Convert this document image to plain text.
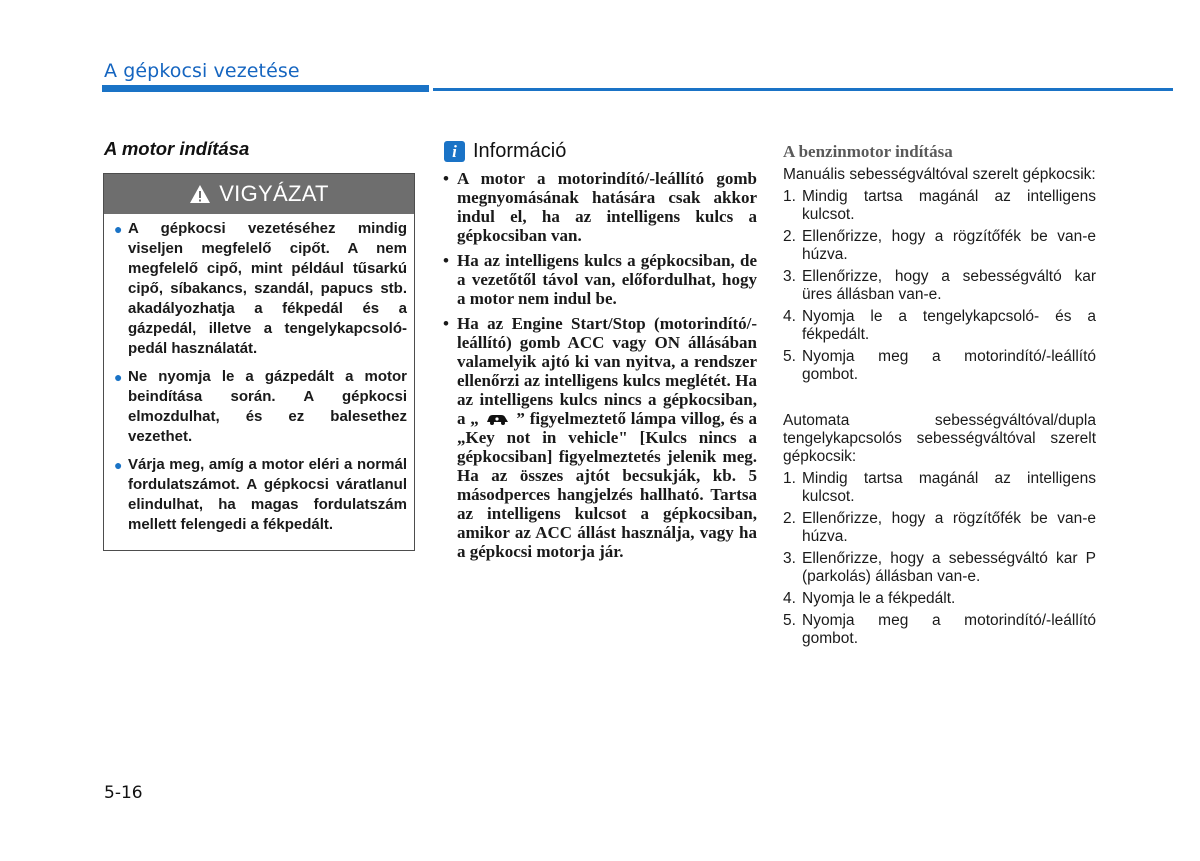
A gépkocsi vezetése
A motor indítása
VIGYÁZAT
● A gépkocsi vezetéséhez mindig viseljen megfelelő cipőt. A nem megfelelő cipő, mint például tűsarkú cipő, síbakancs, szandál, papucs stb. akadályozhatja a fékpedál és a gázpedál, illetve a tengelykapcsoló-pedál használatát.
● Ne nyomja le a gázpedált a motor beindítása során. A gépkocsi elmozdulhat, és ez balesethez vezethet.
● Várja meg, amíg a motor eléri a normál fordulatszámot. A gépkocsi váratlanul elindulhat, ha magas fordulatszám mellett felengedi a fékpedált.
i Információ
• A motor a motorindító/-leállító gomb megnyomásának hatására csak akkor indul el, ha az intelligens kulcs a gépkocsiban van.
• Ha az intelligens kulcs a gépkocsiban, de a vezetőtől távol van, előfordulhat, hogy a motor nem indul be.
• Ha az Engine Start/Stop (motorindító/-leállító) gomb ACC vagy ON állásában valamelyik ajtó ki van nyitva, a rendszer ellenőrzi az intelligens kulcs meglétét. Ha az intelligens kulcs nincs a gépkocsiban, a „ ” figyelmeztető lámpa villog, és a „Key not in vehicle" [Kulcs nincs a gépkocsiban] figyelmeztetés jelenik meg. Ha az összes ajtót becsukják, kb. 5 másodperces hangjelzés hallható. Tartsa az intelligens kulcsot a gépkocsiban, amikor az ACC állást használja, vagy ha a gépkocsi motorja jár.
A benzinmotor indítása
Manuális sebességváltóval szerelt gépkocsik:
1. Mindig tartsa magánál az intelligens kulcsot.
2. Ellenőrizze, hogy a rögzítőfék be van-e húzva.
3. Ellenőrizze, hogy a sebességváltó kar üres állásban van-e.
4. Nyomja le a tengelykapcsoló- és a fékpedált.
5. Nyomja meg a motorindító/-leállító gombot.
Automata sebességváltóval/dupla tengelykapcsolós sebességváltóval szerelt gépkocsik:
1. Mindig tartsa magánál az intelligens kulcsot.
2. Ellenőrizze, hogy a rögzítőfék be van-e húzva.
3. Ellenőrizze, hogy a sebességváltó kar P (parkolás) állásban van-e.
4. Nyomja le a fékpedált.
5. Nyomja meg a motorindító/-leállító gombot.
5-16
